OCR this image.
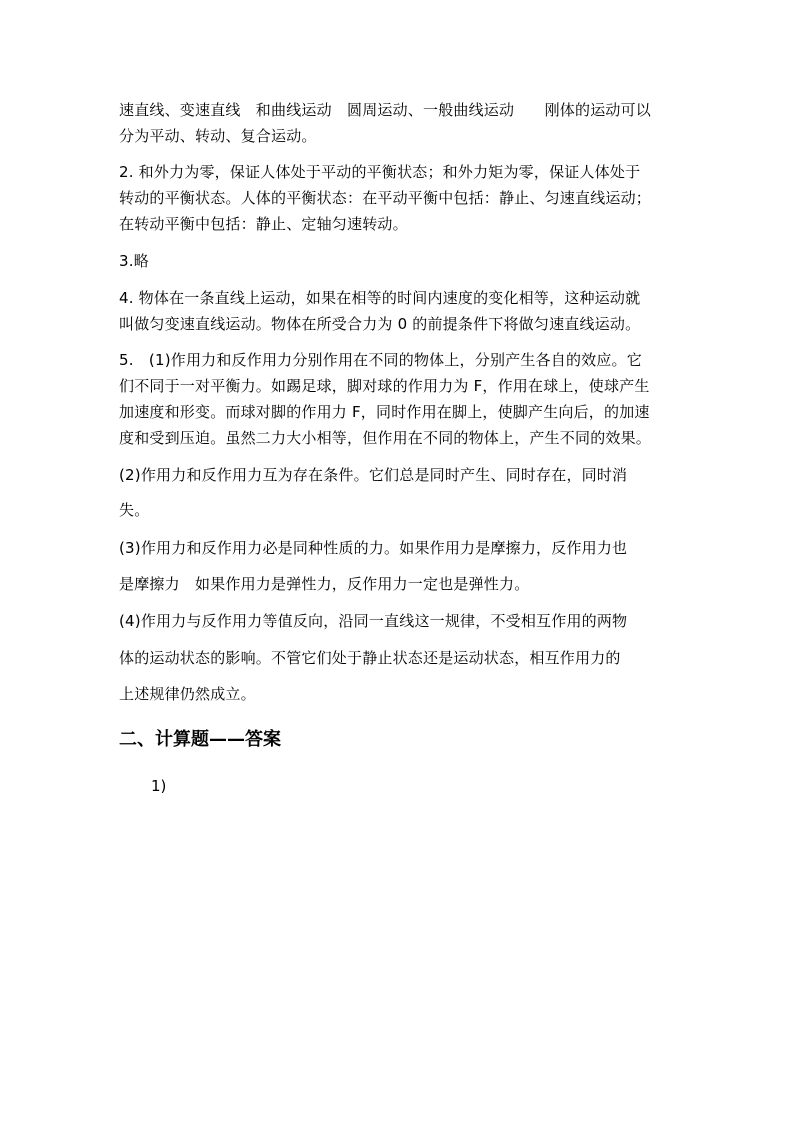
速直线、变速直线　和曲线运动　圆周运动、一般曲线运动　　刚体的运动可以
分为平动、转动、复合运动。
2. 和外力为零，保证人体处于平动的平衡状态；和外力矩为零，保证人体处于
转动的平衡状态。人体的平衡状态：在平动平衡中包括：静止、匀速直线运动；
在转动平衡中包括：静止、定轴匀速转动。
3.略
4. 物体在一条直线上运动，如果在相等的时间内速度的变化相等，这种运动就
叫做匀变速直线运动。物体在所受合力为 0 的前提条件下将做匀速直线运动。
5.　(1)作用力和反作用力分别作用在不同的物体上，分别产生各自的效应。它
们不同于一对平衡力。如踢足球，脚对球的作用力为 F，作用在球上，使球产生
加速度和形变。而球对脚的作用力 F，同时作用在脚上，使脚产生向后，的加速
度和受到压迫。虽然二力大小相等，但作用在不同的物体上，产生不同的效果。
(2)作用力和反作用力互为存在条件。它们总是同时产生、同时存在，同时消
失。
(3)作用力和反作用力必是同种性质的力。如果作用力是摩擦力，反作用力也
是摩擦力　如果作用力是弹性力，反作用力一定也是弹性力。
(4)作用力与反作用力等值反向，沿同一直线这一规律，不受相互作用的两物
体的运动状态的影响。不管它们处于静止状态还是运动状态，相互作用力的
上述规律仍然成立。
二、计算题——答案
1)
